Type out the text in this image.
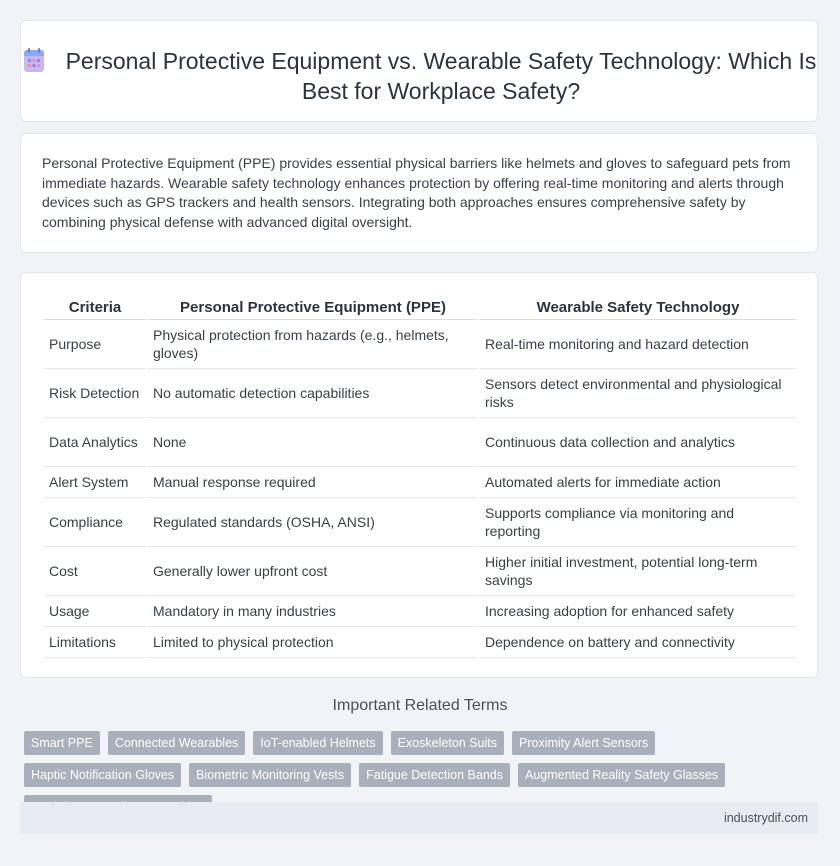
Personal Protective Equipment vs. Wearable Safety Technology: Which Is Best for Workplace Safety?

Personal Protective Equipment (PPE) provides essential physical barriers like helmets and gloves to safeguard pets from immediate hazards. Wearable safety technology enhances protection by offering real-time monitoring and alerts through devices such as GPS trackers and health sensors. Integrating both approaches ensures comprehensive safety by combining physical defense with advanced digital oversight.

Criteria	Personal Protective Equipment (PPE)	Wearable Safety Technology
Purpose	Physical protection from hazards (e.g., helmets, gloves)	Real-time monitoring and hazard detection
Risk Detection	No automatic detection capabilities	Sensors detect environmental and physiological risks
Data Analytics	None	Continuous data collection and analytics
Alert System	Manual response required	Automated alerts for immediate action
Compliance	Regulated standards (OSHA, ANSI)	Supports compliance via monitoring and reporting
Cost	Generally lower upfront cost	Higher initial investment, potential long-term savings
Usage	Mandatory in many industries	Increasing adoption for enhanced safety
Limitations	Limited to physical protection	Dependence on battery and connectivity
Important Related Terms
Smart PPE	Connected Wearables	IoT-enabled Helmets	Exoskeleton Suits	Proximity Alert Sensors
Haptic Notification Gloves	Biometric Monitoring Vests	Fatigue Detection Bands	Augmented Reality Safety Glasses
industrydif.com
